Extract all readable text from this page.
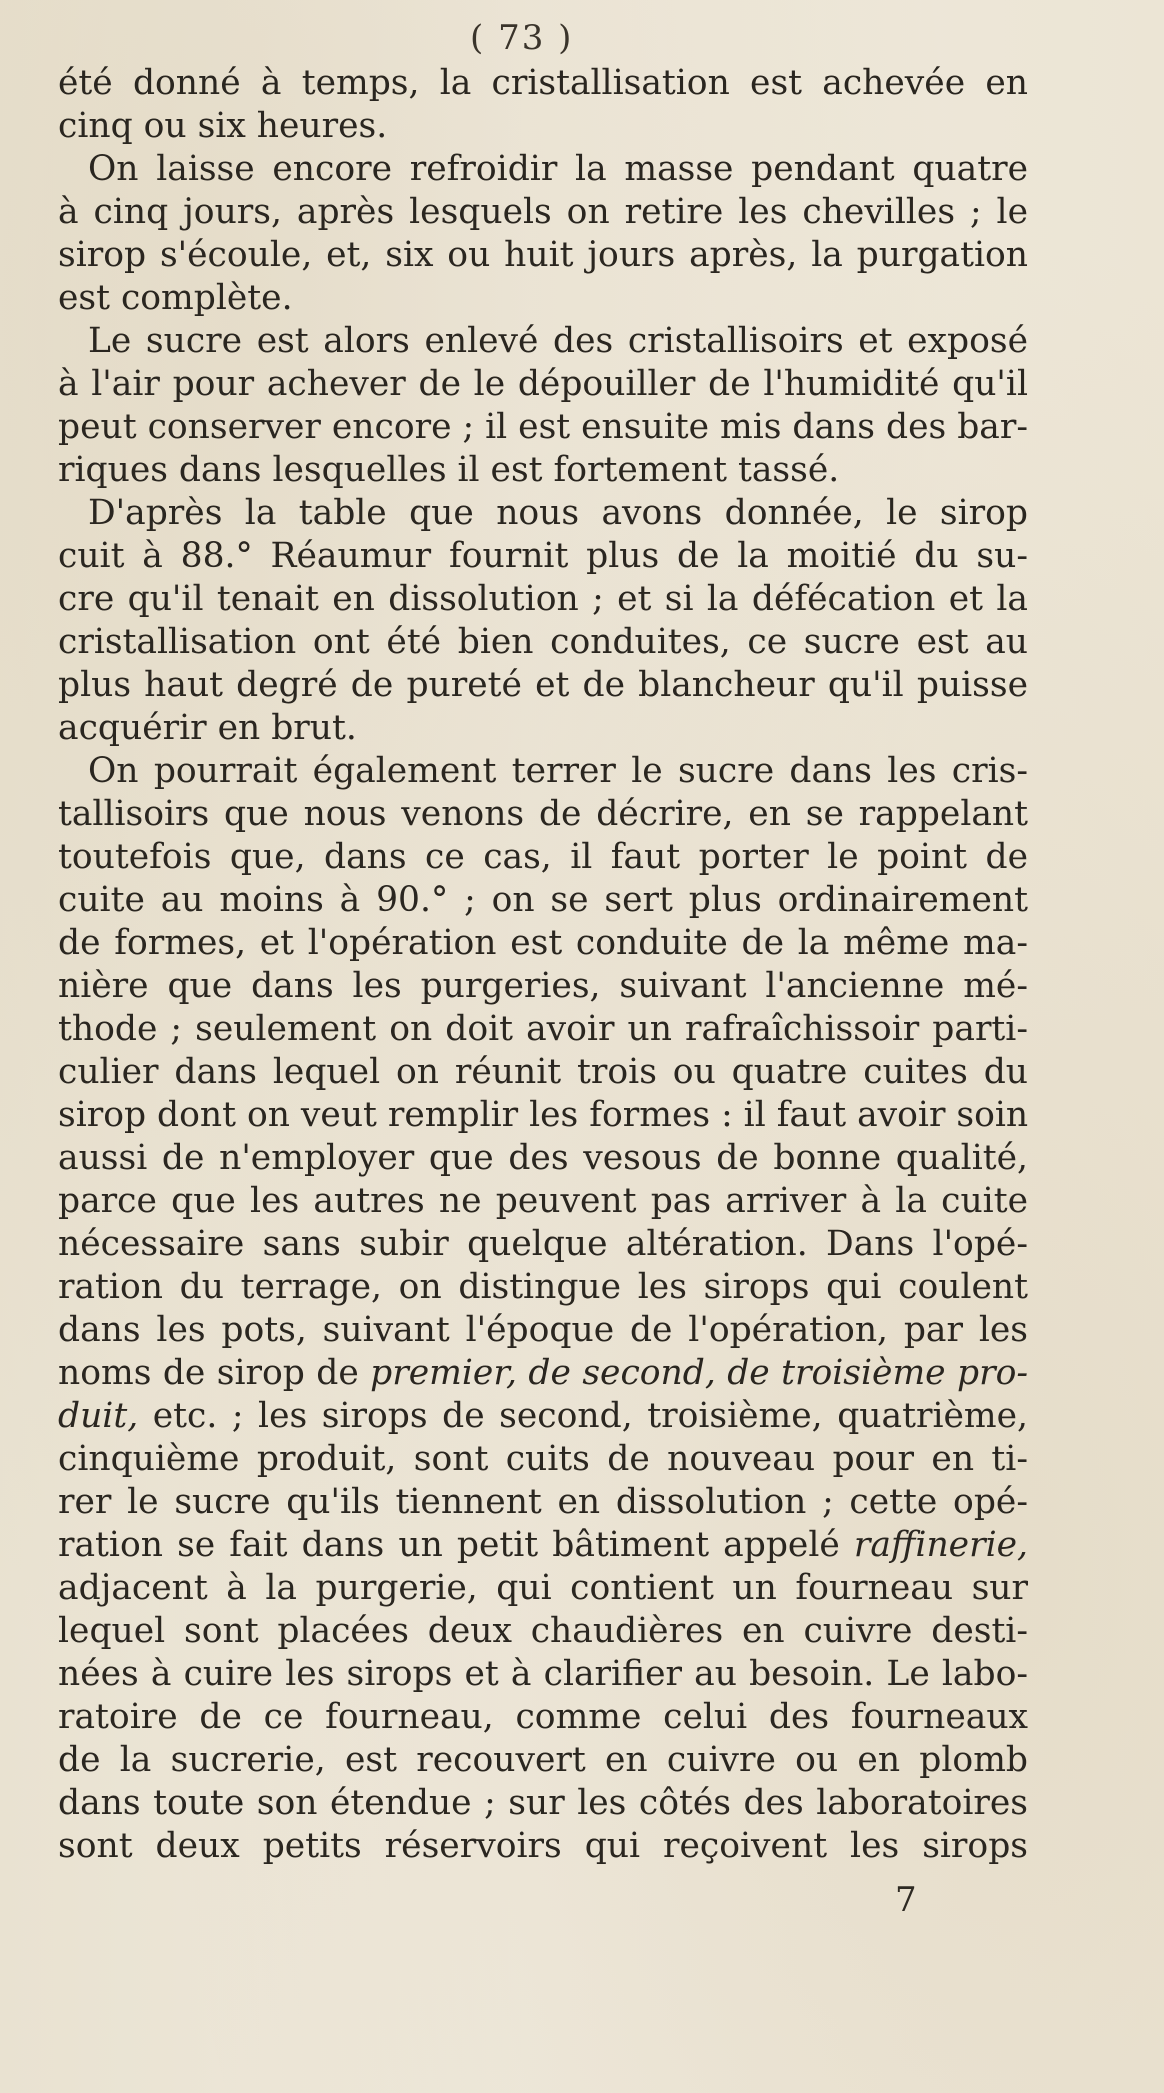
( 73 )
été donné à temps, la cristallisation est achevée en
cinq ou six heures.
On laisse encore refroidir la masse pendant quatre
à cinq jours, après lesquels on retire les chevilles ; le
sirop s'écoule, et, six ou huit jours après, la purgation
est complète.
Le sucre est alors enlevé des cristallisoirs et exposé
à l'air pour achever de le dépouiller de l'humidité qu'il
peut conserver encore ; il est ensuite mis dans des bar-
riques dans lesquelles il est fortement tassé.
D'après la table que nous avons donnée, le sirop
cuit à 88.° Réaumur fournit plus de la moitié du su-
cre qu'il tenait en dissolution ; et si la défécation et la
cristallisation ont été bien conduites, ce sucre est au
plus haut degré de pureté et de blancheur qu'il puisse
acquérir en brut.
On pourrait également terrer le sucre dans les cris-
tallisoirs que nous venons de décrire, en se rappelant
toutefois que, dans ce cas, il faut porter le point de
cuite au moins à 90.° ; on se sert plus ordinairement
de formes, et l'opération est conduite de la même ma-
nière que dans les purgeries, suivant l'ancienne mé-
thode ; seulement on doit avoir un rafraîchissoir parti-
culier dans lequel on réunit trois ou quatre cuites du
sirop dont on veut remplir les formes : il faut avoir soin
aussi de n'employer que des vesous de bonne qualité,
parce que les autres ne peuvent pas arriver à la cuite
nécessaire sans subir quelque altération. Dans l'opé-
ration du terrage, on distingue les sirops qui coulent
dans les pots, suivant l'époque de l'opération, par les
noms de sirop de premier, de second, de troisième pro-
duit, etc. ; les sirops de second, troisième, quatrième,
cinquième produit, sont cuits de nouveau pour en ti-
rer le sucre qu'ils tiennent en dissolution ; cette opé-
ration se fait dans un petit bâtiment appelé raffinerie,
adjacent à la purgerie, qui contient un fourneau sur
lequel sont placées deux chaudières en cuivre desti-
nées à cuire les sirops et à clarifier au besoin. Le labo-
ratoire de ce fourneau, comme celui des fourneaux
de la sucrerie, est recouvert en cuivre ou en plomb
dans toute son étendue ; sur les côtés des laboratoires
sont deux petits réservoirs qui reçoivent les sirops
7
